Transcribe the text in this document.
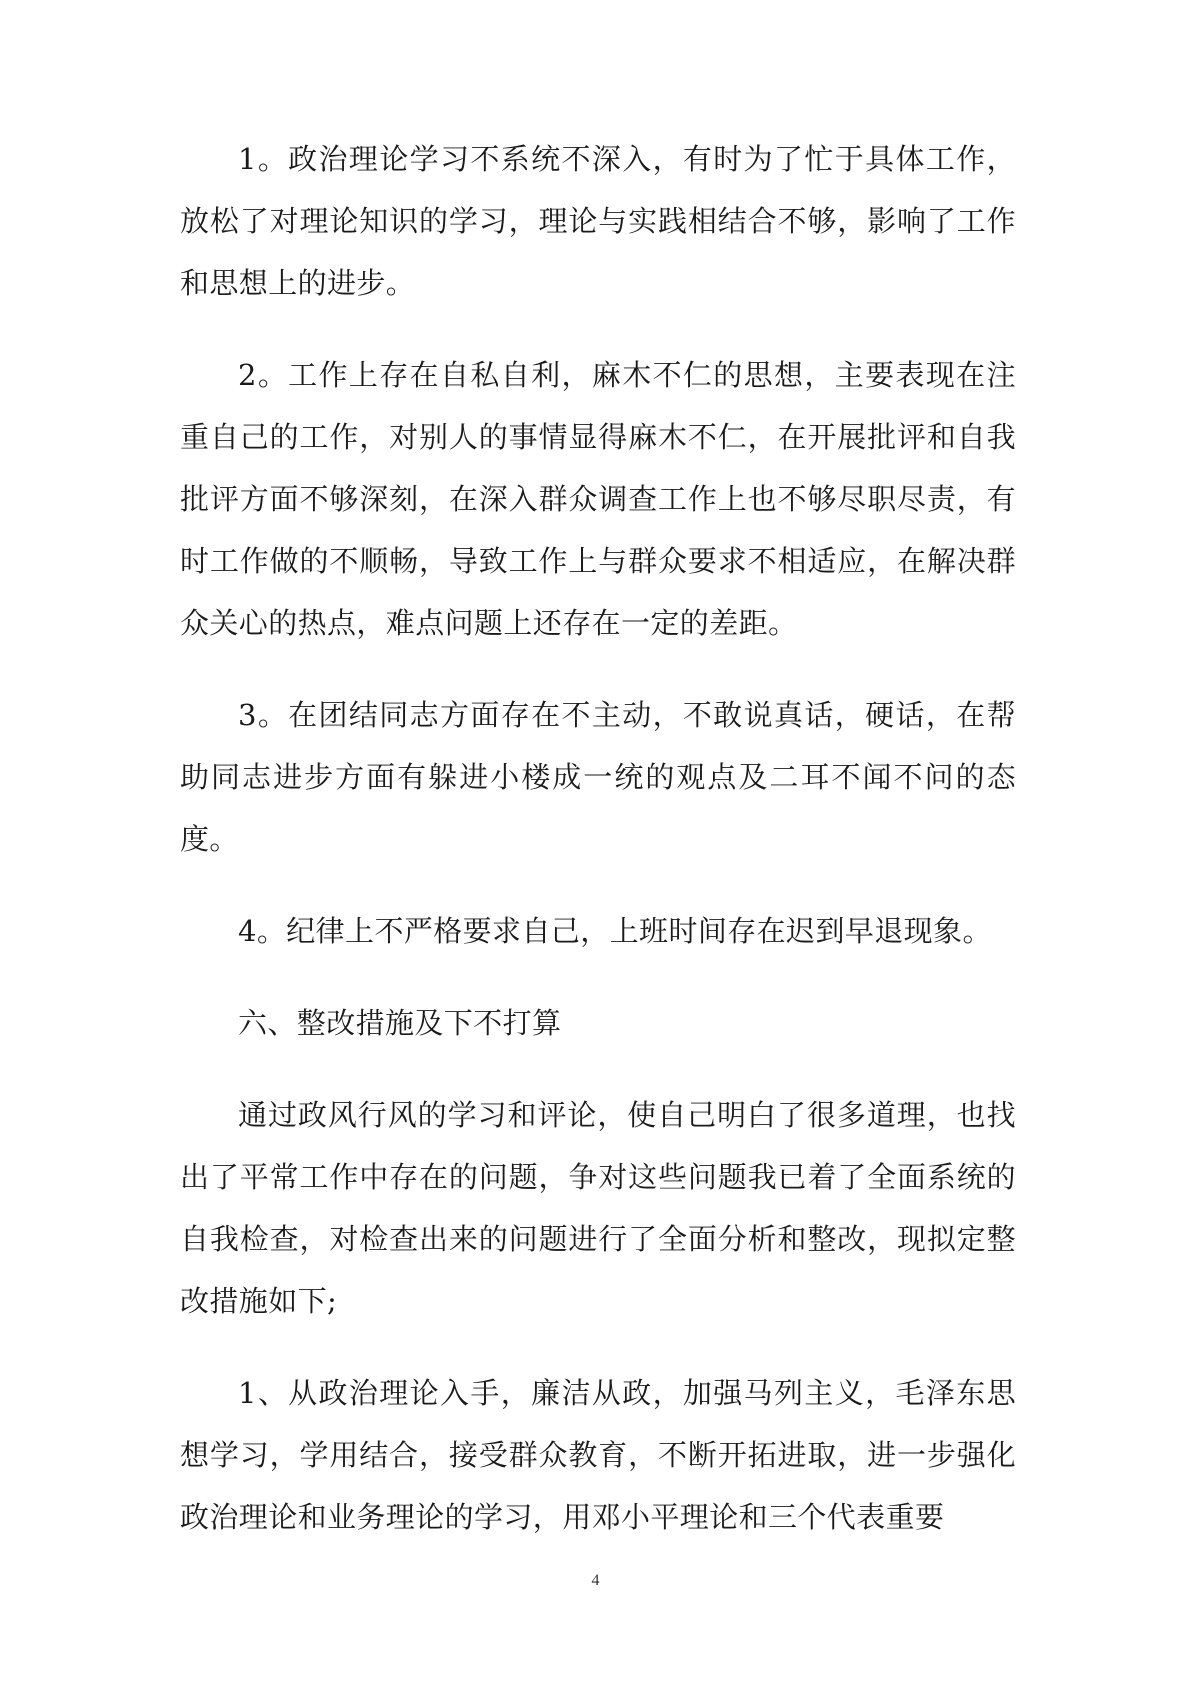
1。政治理论学习不系统不深入，有时为了忙于具体工作，放松了对理论知识的学习，理论与实践相结合不够，影响了工作和思想上的进步。

2。工作上存在自私自利，麻木不仁的思想，主要表现在注重自己的工作，对别人的事情显得麻木不仁，在开展批评和自我批评方面不够深刻，在深入群众调查工作上也不够尽职尽责，有时工作做的不顺畅，导致工作上与群众要求不相适应，在解决群众关心的热点，难点问题上还存在一定的差距。

3。在团结同志方面存在不主动，不敢说真话，硬话，在帮助同志进步方面有躲进小楼成一统的观点及二耳不闻不问的态度。

4。纪律上不严格要求自己，上班时间存在迟到早退现象。

六、整改措施及下不打算

通过政风行风的学习和评论，使自己明白了很多道理，也找出了平常工作中存在的问题，争对这些问题我已着了全面系统的自我检查，对检查出来的问题进行了全面分析和整改，现拟定整改措施如下;

1、从政治理论入手，廉洁从政，加强马列主义，毛泽东思想学习，学用结合，接受群众教育，不断开拓进取，进一步强化政治理论和业务理论的学习，用邓小平理论和三个代表重要

4
